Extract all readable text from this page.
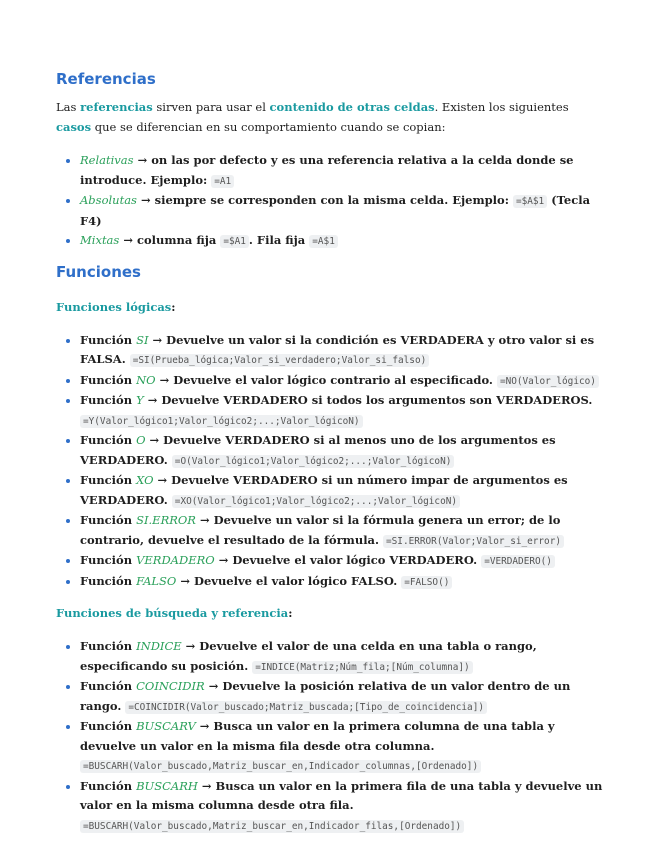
Referencias

Las referencias sirven para usar el contenido de otras celdas. Existen los siguientes casos que se diferencian en su comportamiento cuando se copian:

Relativas → on las por defecto y es una referencia relativa a la celda donde se introduce. Ejemplo: =A1
Absolutas → siempre se corresponden con la misma celda. Ejemplo: =$A$1 (Tecla F4)
Mixtas → columna fija =$A1 . Fila fija =A$1
Funciones
Funciones lógicas:
Función SI → Devuelve un valor si la condición es VERDADERA y otro valor si es FALSA. =SI(Prueba_lógica;Valor_si_verdadero;Valor_si_falso)
Función NO → Devuelve el valor lógico contrario al especificado. =NO(Valor_lógico)
Función Y → Devuelve VERDADERO si todos los argumentos son VERDADEROS. =Y(Valor_lógico1;Valor_lógico2;...;Valor_lógicoN)
Función O → Devuelve VERDADERO si al menos uno de los argumentos es VERDADERO. =O(Valor_lógico1;Valor_lógico2;...;Valor_lógicoN)
Función XO → Devuelve VERDADERO si un número impar de argumentos es VERDADERO. =XO(Valor_lógico1;Valor_lógico2;...;Valor_lógicoN)
Función SI.ERROR → Devuelve un valor si la fórmula genera un error; de lo contrario, devuelve el resultado de la fórmula. =SI.ERROR(Valor;Valor_si_error)
Función VERDADERO → Devuelve el valor lógico VERDADERO. =VERDADERO()
Función FALSO → Devuelve el valor lógico FALSO. =FALSO()
Funciones de búsqueda y referencia:
Función INDICE → Devuelve el valor de una celda en una tabla o rango, especificando su posición. =INDICE(Matriz;Núm_fila;[Núm_columna])
Función COINCIDIR → Devuelve la posición relativa de un valor dentro de un rango. =COINCIDIR(Valor_buscado;Matriz_buscada;[Tipo_de_coincidencia])
Función BUSCARV → Busca un valor en la primera columna de una tabla y devuelve un valor en la misma fila desde otra columna. =BUSCARH(Valor_buscado,Matriz_buscar_en,Indicador_columnas,[Ordenado])
Función BUSCARH → Busca un valor en la primera fila de una tabla y devuelve un valor en la misma columna desde otra fila. =BUSCARH(Valor_buscado,Matriz_buscar_en,Indicador_filas,[Ordenado])
